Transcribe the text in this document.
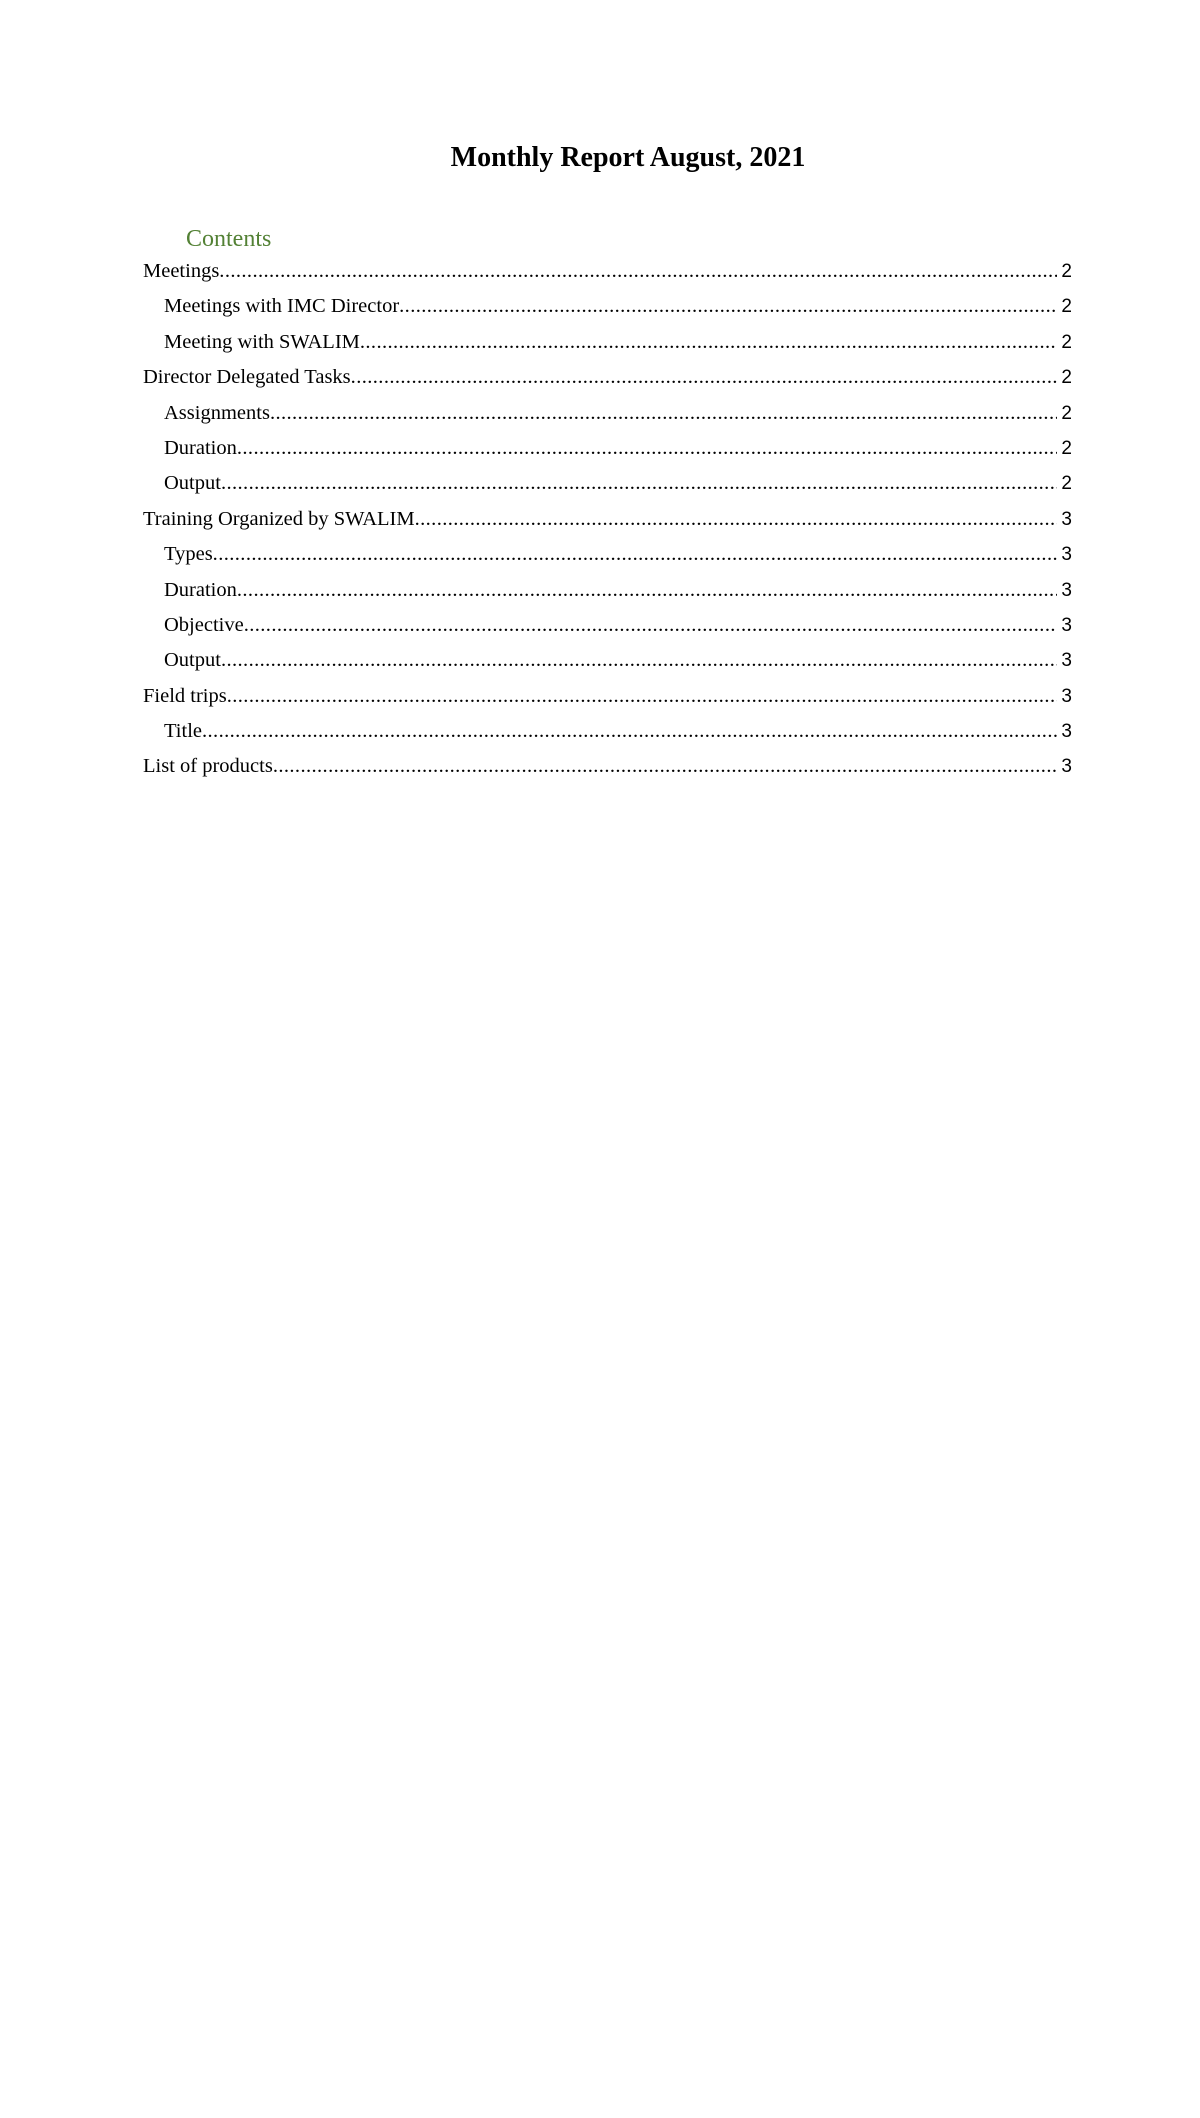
Monthly Report August, 2021
Contents
Meetings .....	2
Meetings with IMC Director .....	2
Meeting with SWALIM .....	2
Director Delegated Tasks .....	2
Assignments .....	2
Duration .....	2
Output .....	2
Training Organized by SWALIM .....	3
Types .....	3
Duration .....	3
Objective .....	3
Output .....	3
Field trips .....	3
Title .....	3
List of products .....	3
